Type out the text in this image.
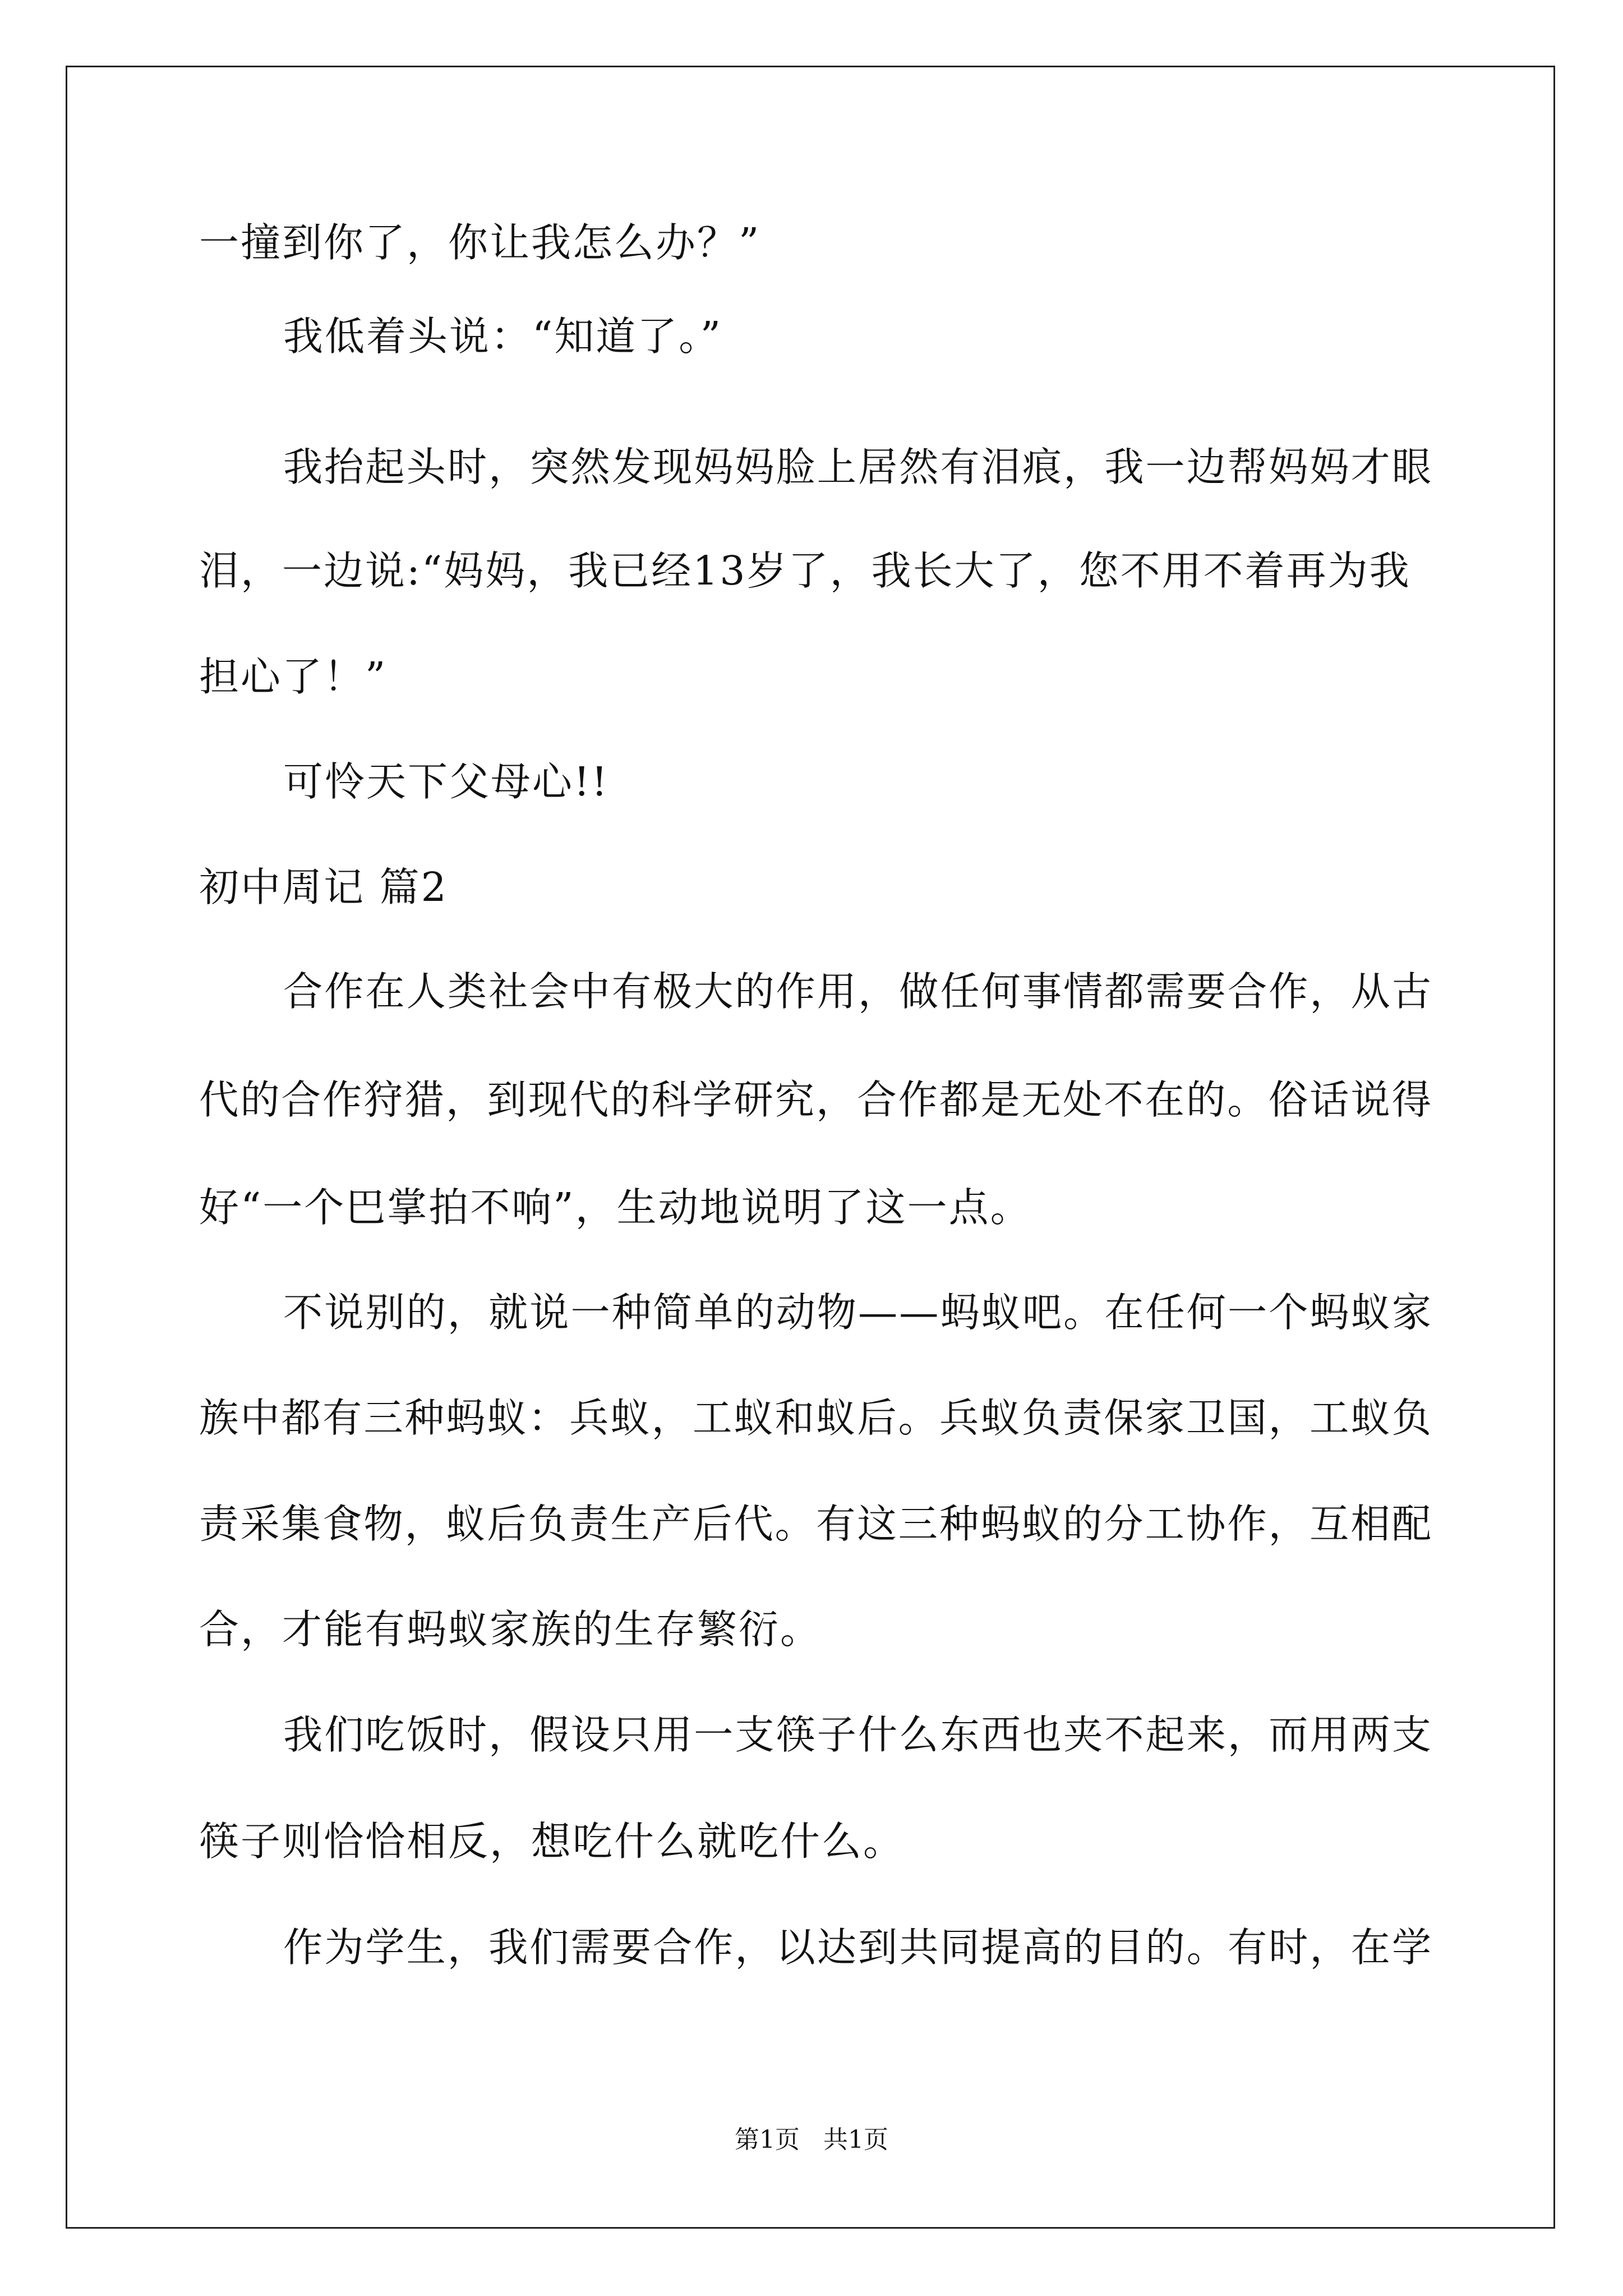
一撞到你了，你让我怎么办？”
我低着头说：“知道了。”
我抬起头时，突然发现妈妈脸上居然有泪痕，我一边帮妈妈才眼
泪，一边说:“妈妈，我已经13岁了，我长大了，您不用不着再为我
担心了！”
可怜天下父母心!!
初中周记 篇2
合作在人类社会中有极大的作用，做任何事情都需要合作，从古
代的合作狩猎，到现代的科学研究，合作都是无处不在的。俗话说得
好“一个巴掌拍不响”，生动地说明了这一点。
不说别的，就说一种简单的动物——蚂蚁吧。在任何一个蚂蚁家
族中都有三种蚂蚁：兵蚁，工蚁和蚁后。兵蚁负责保家卫国，工蚁负
责采集食物，蚁后负责生产后代。有这三种蚂蚁的分工协作，互相配
合，才能有蚂蚁家族的生存繁衍。
我们吃饭时，假设只用一支筷子什么东西也夹不起来，而用两支
筷子则恰恰相反，想吃什么就吃什么。
作为学生，我们需要合作，以达到共同提高的目的。有时，在学
第1页   共1页
